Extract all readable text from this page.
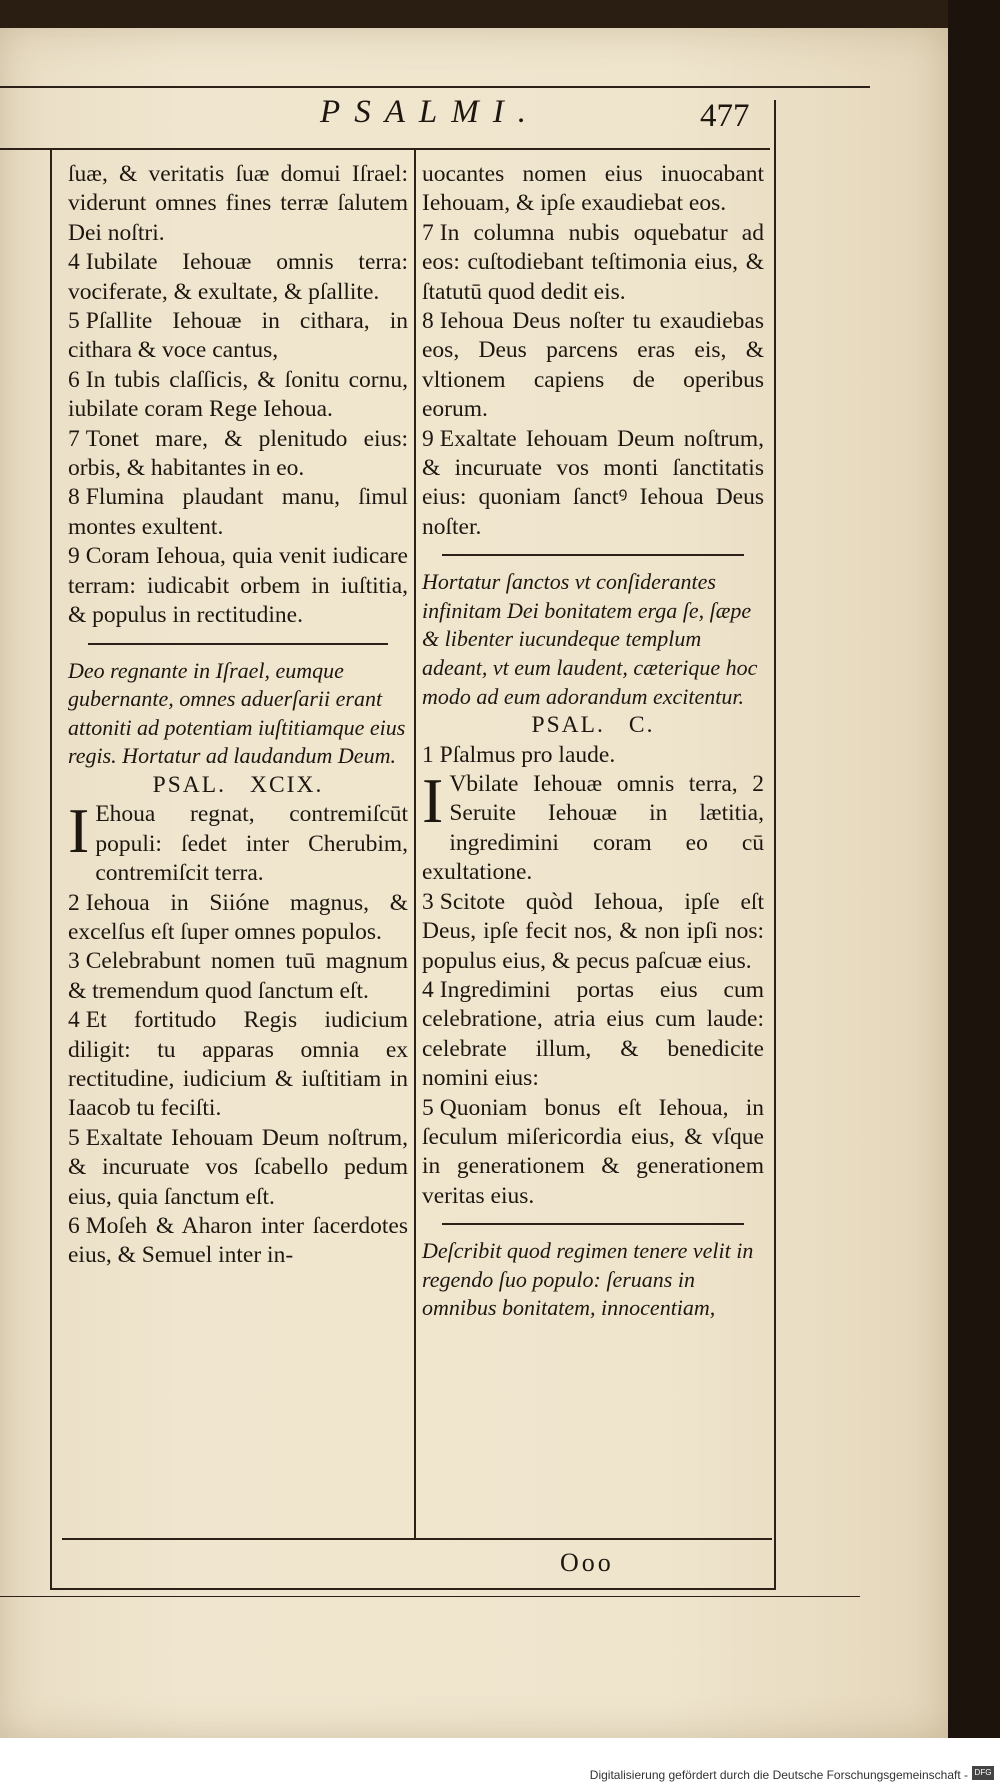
PSALMI.	477

ſuæ, & veritatis ſuæ domui Iſrael: viderunt omnes fines terræ ſalutem Dei noſtri.

4 Iubilate Iehouæ omnis terra: vociferate, & exultate, & pſallite.

5 Pſallite Iehouæ in cithara, in cithara & voce cantus,

6 In tubis claſſicis, & ſonitu cornu, iubilate coram Rege Iehoua.

7 Tonet mare, & plenitudo eius: orbis, & habitantes in eo.

8 Flumina plaudant manu, ſimul montes exultent.

9 Coram Iehoua, quia venit iudicare terram: iudicabit orbem in iuſtitia, & populus in rectitudine.

Deo regnante in Iſrael, eumque gubernante, omnes aduerſarii erant attoniti ad potentiam iuſtitiamque eius regis. Hortatur ad laudandum Deum.

PSAL. XCIX.

I Ehoua regnat, contremiſcūt populi: ſedet inter Cherubim, contremiſcit terra.

2 Iehoua in Siióne magnus, & excelſus eſt ſuper omnes populos.

3 Celebrabunt nomen tuū magnum & tremendum quod ſanctum eſt.

4 Et fortitudo Regis iudicium diligit: tu apparas omnia ex rectitudine, iudicium & iuſtitiam in Iaacob tu feciſti.

5 Exaltate Iehouam Deum noſtrum, & incuruate vos ſcabello pedum eius, quia ſanctum eſt.

6 Moſeh & Aharon inter ſacerdotes eius, & Semuel inter in-

uocantes nomen eius inuocabant Iehouam, & ipſe exaudiebat eos.

7 In columna nubis oquebatur ad eos: cuſtodiebant teſtimonia eius, & ſtatutū quod dedit eis.

8 Iehoua Deus noſter tu exaudiebas eos, Deus parcens eras eis, & vltionem capiens de operibus eorum.

9 Exaltate Iehouam Deum noſtrum, & incuruate vos monti ſanctitatis eius: quoniam ſanctꝰ Iehoua Deus noſter.

Hortatur ſanctos vt conſiderantes infinitam Dei bonitatem erga ſe, ſæpe & libenter iucundeque templum adeant, vt eum laudent, cæterique hoc modo ad eum adorandum excitentur.

PSAL. C.

1 Pſalmus pro laude.

I Vbilate Iehouæ omnis terra, 2 Seruite Iehouæ in lætitia, ingredimini coram eo cū exultatione.

3 Scitote quòd Iehoua, ipſe eſt Deus, ipſe fecit nos, & non ipſi nos: populus eius, & pecus paſcuæ eius.

4 Ingredimini portas eius cum celebratione, atria eius cum laude: celebrate illum, & benedicite nomini eius:

5 Quoniam bonus eſt Iehoua, in ſeculum miſericordia eius, & vſque in generationem & generationem veritas eius.

Deſcribit quod regimen tenere velit in regendo ſuo populo: ſeruans in omnibus bonitatem, innocentiam,

Ooo
Digitalisierung gefördert durch die Deutsche Forschungsgemeinschaft - DFG
